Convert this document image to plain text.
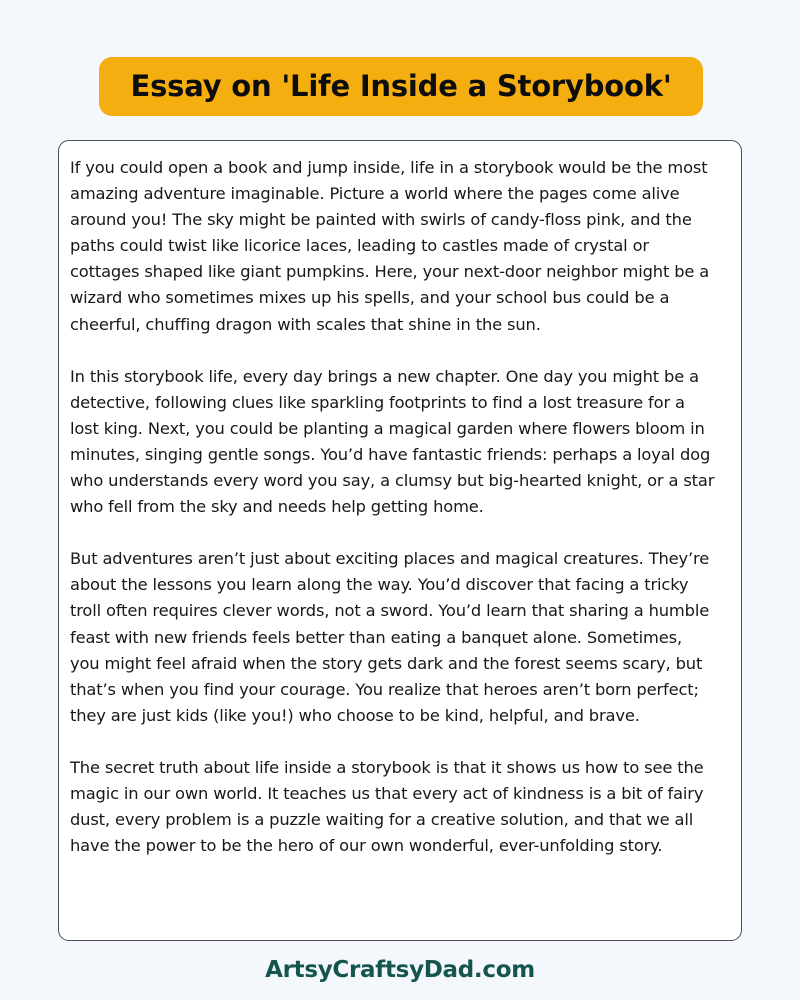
Essay on 'Life Inside a Storybook'

If you could open a book and jump inside, life in a storybook would be the most amazing adventure imaginable. Picture a world where the pages come alive around you! The sky might be painted with swirls of candy-floss pink, and the paths could twist like licorice laces, leading to castles made of crystal or cottages shaped like giant pumpkins. Here, your next-door neighbor might be a wizard who sometimes mixes up his spells, and your school bus could be a cheerful, chuffing dragon with scales that shine in the sun.

In this storybook life, every day brings a new chapter. One day you might be a detective, following clues like sparkling footprints to find a lost treasure for a lost king. Next, you could be planting a magical garden where flowers bloom in minutes, singing gentle songs. You’d have fantastic friends: perhaps a loyal dog who understands every word you say, a clumsy but big-hearted knight, or a star who fell from the sky and needs help getting home.

But adventures aren’t just about exciting places and magical creatures. They’re about the lessons you learn along the way. You’d discover that facing a tricky troll often requires clever words, not a sword. You’d learn that sharing a humble feast with new friends feels better than eating a banquet alone. Sometimes, you might feel afraid when the story gets dark and the forest seems scary, but that’s when you find your courage. You realize that heroes aren’t born perfect; they are just kids (like you!) who choose to be kind, helpful, and brave.

The secret truth about life inside a storybook is that it shows us how to see the magic in our own world. It teaches us that every act of kindness is a bit of fairy dust, every problem is a puzzle waiting for a creative solution, and that we all have the power to be the hero of our own wonderful, ever-unfolding story.

ArtsyCraftsyDad.com
